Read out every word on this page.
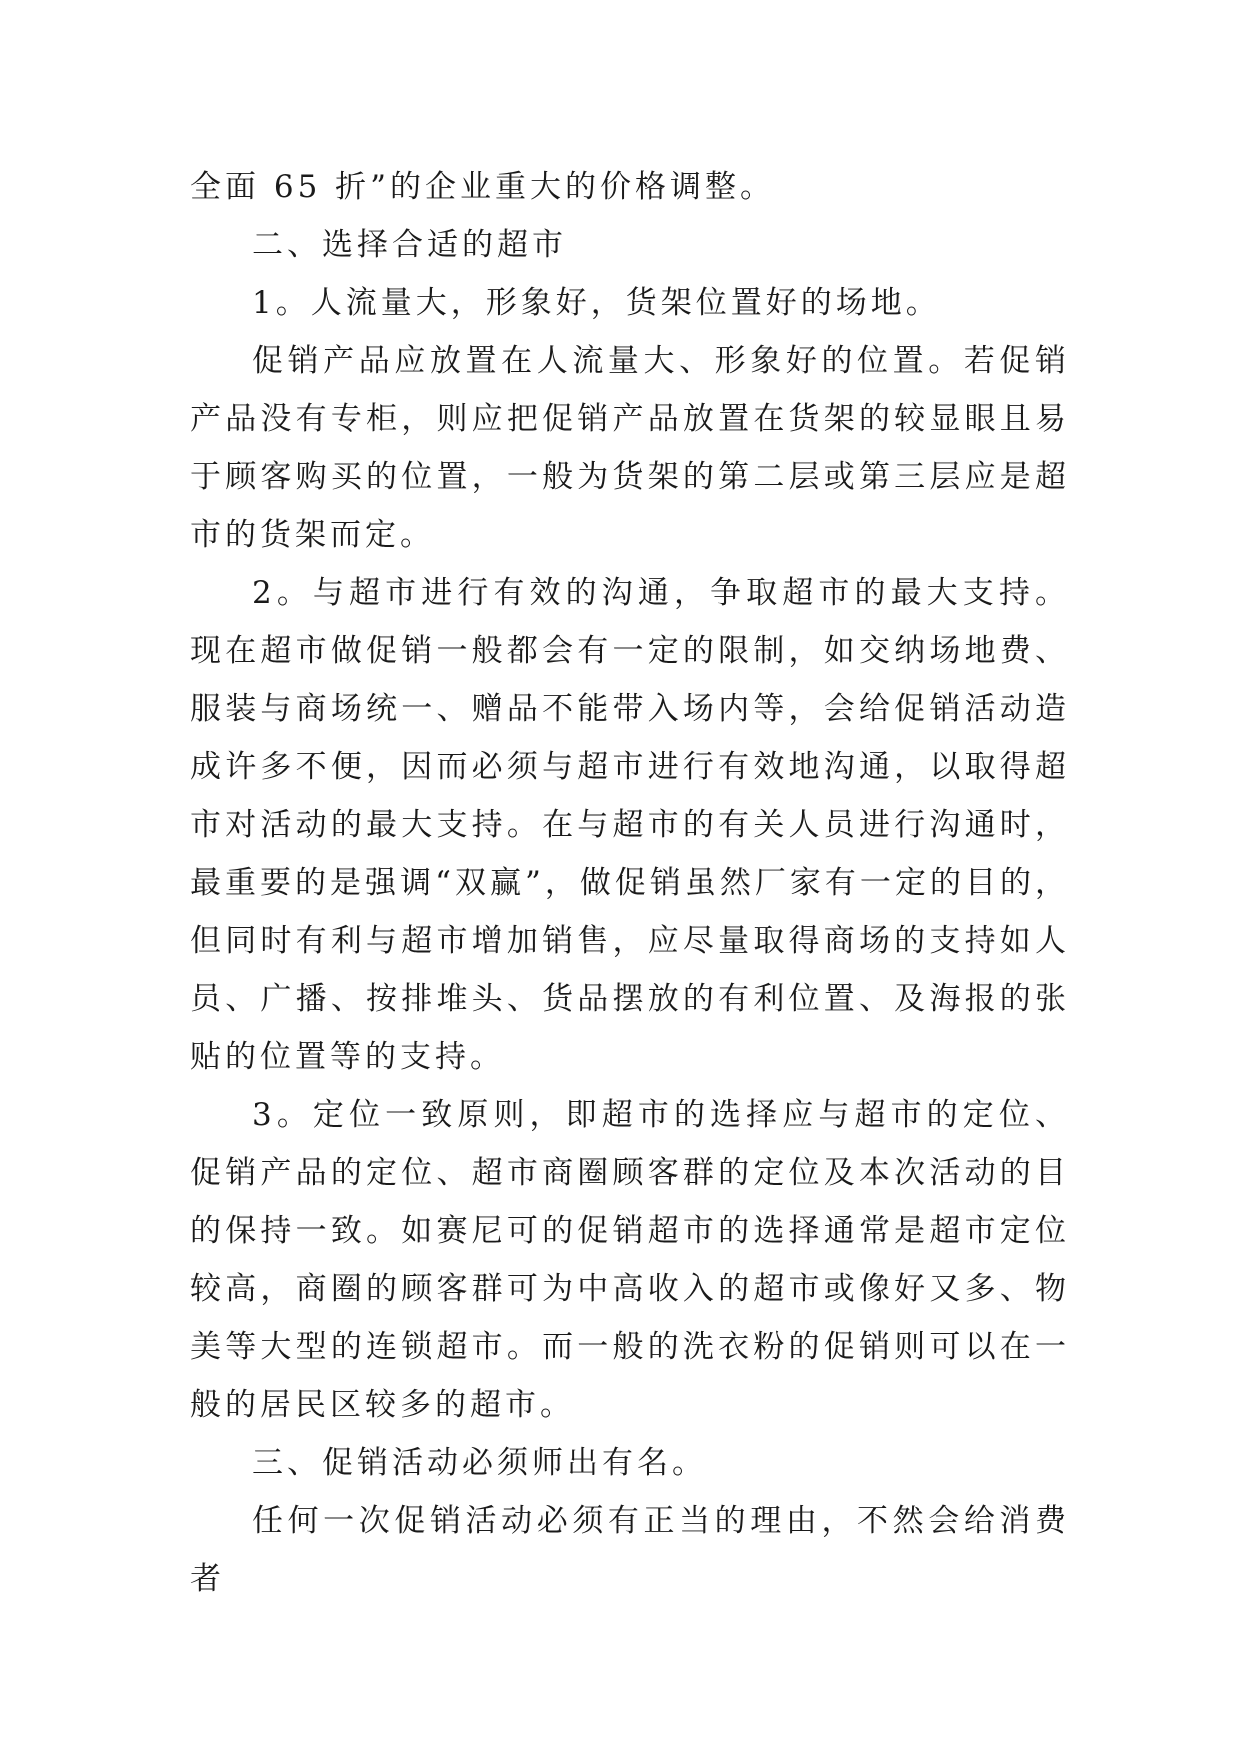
全面 65 折”的企业重大的价格调整。

二、选择合适的超市

1。人流量大，形象好，货架位置好的场地。

促销产品应放置在人流量大、形象好的位置。若促销产品没有专柜，则应把促销产品放置在货架的较显眼且易于顾客购买的位置，一般为货架的第二层或第三层应是超市的货架而定。

2。与超市进行有效的沟通，争取超市的最大支持。现在超市做促销一般都会有一定的限制，如交纳场地费、服装与商场统一、赠品不能带入场内等，会给促销活动造成许多不便，因而必须与超市进行有效地沟通，以取得超市对活动的最大支持。在与超市的有关人员进行沟通时，最重要的是强调“双赢”，做促销虽然厂家有一定的目的，但同时有利与超市增加销售，应尽量取得商场的支持如人员、广播、按排堆头、货品摆放的有利位置、及海报的张贴的位置等的支持。

3。定位一致原则，即超市的选择应与超市的定位、促销产品的定位、超市商圈顾客群的定位及本次活动的目的保持一致。如赛尼可的促销超市的选择通常是超市定位较高，商圈的顾客群可为中高收入的超市或像好又多、物美等大型的连锁超市。而一般的洗衣粉的促销则可以在一般的居民区较多的超市。

三、促销活动必须师出有名。

任何一次促销活动必须有正当的理由，不然会给消费者
